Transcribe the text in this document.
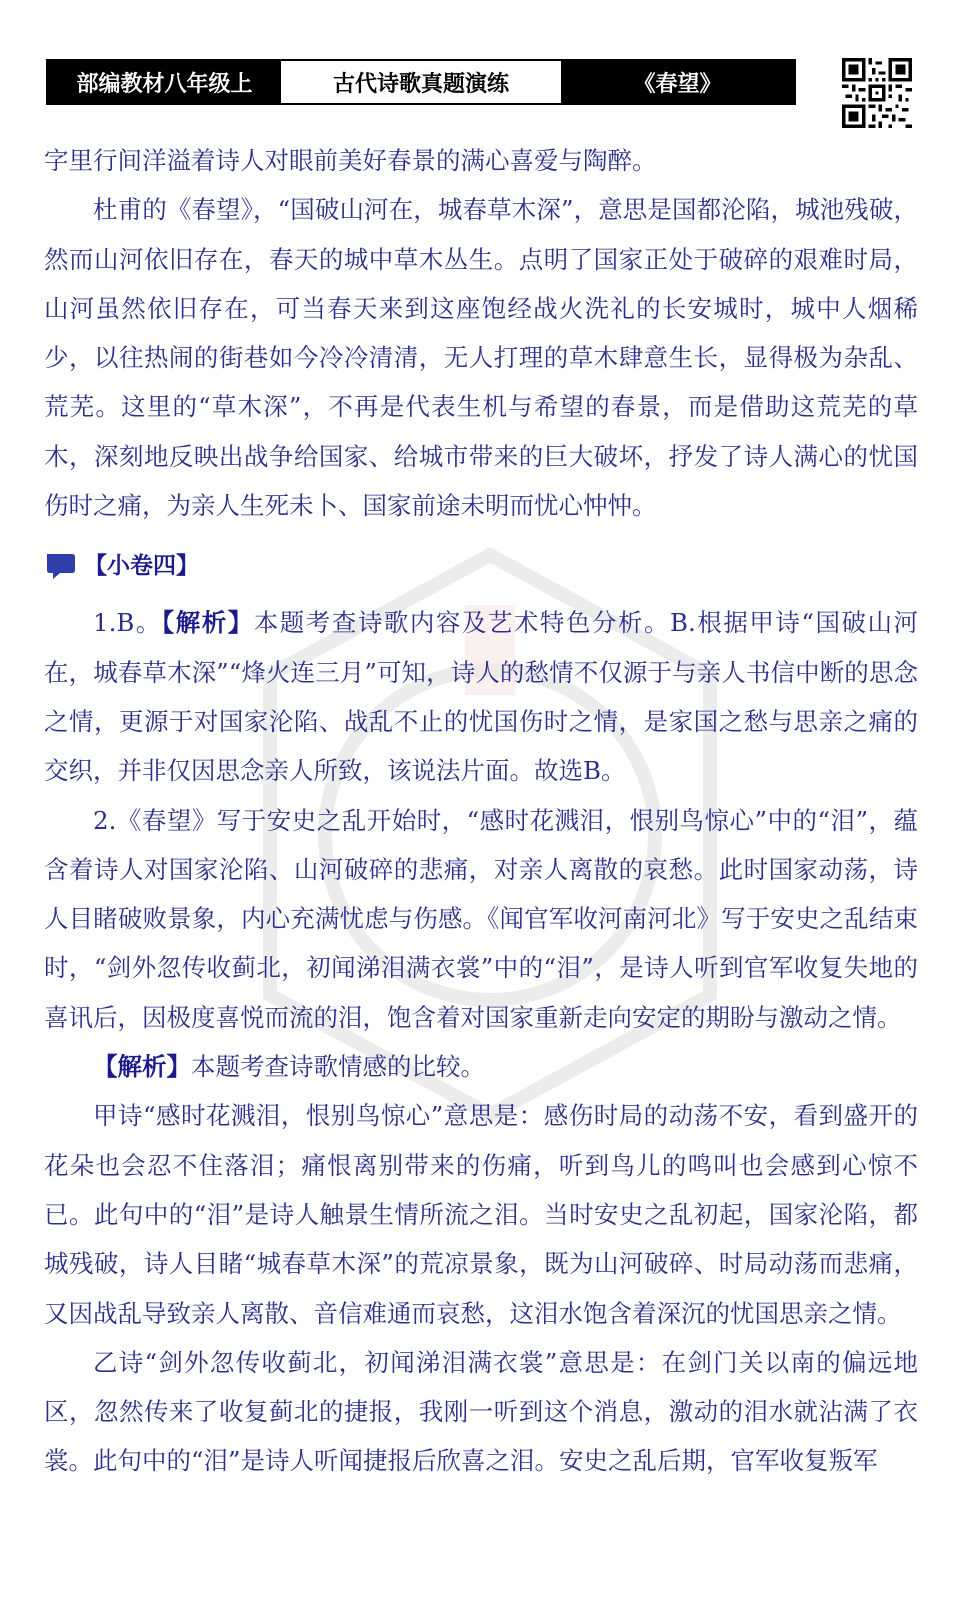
部编教材八年级上	古代诗歌真题演练	《春望》

字里行间洋溢着诗人对眼前美好春景的满心喜爱与陶醉。

杜甫的《春望》，“国破山河在，城春草木深”，意思是国都沦陷，城池残破，然而山河依旧存在，春天的城中草木丛生。点明了国家正处于破碎的艰难时局，山河虽然依旧存在，可当春天来到这座饱经战火洗礼的长安城时，城中人烟稀少，以往热闹的街巷如今冷冷清清，无人打理的草木肆意生长，显得极为杂乱、荒芜。这里的“草木深”，不再是代表生机与希望的春景，而是借助这荒芜的草木，深刻地反映出战争给国家、给城市带来的巨大破坏，抒发了诗人满心的忧国伤时之痛，为亲人生死未卜、国家前途未明而忧心忡忡。

【小卷四】

1.B。【解析】本题考查诗歌内容及艺术特色分析。B.根据甲诗“国破山河在，城春草木深”“烽火连三月”可知，诗人的愁情不仅源于与亲人书信中断的思念之情，更源于对国家沦陷、战乱不止的忧国伤时之情，是家国之愁与思亲之痛的交织，并非仅因思念亲人所致，该说法片面。故选B。

2.《春望》写于安史之乱开始时，“感时花溅泪，恨别鸟惊心”中的“泪”，蕴含着诗人对国家沦陷、山河破碎的悲痛，对亲人离散的哀愁。此时国家动荡，诗人目睹破败景象，内心充满忧虑与伤感。《闻官军收河南河北》写于安史之乱结束时，“剑外忽传收蓟北，初闻涕泪满衣裳”中的“泪”，是诗人听到官军收复失地的喜讯后，因极度喜悦而流的泪，饱含着对国家重新走向安定的期盼与激动之情。

【解析】本题考查诗歌情感的比较。

甲诗“感时花溅泪，恨别鸟惊心”意思是：感伤时局的动荡不安，看到盛开的花朵也会忍不住落泪；痛恨离别带来的伤痛，听到鸟儿的鸣叫也会感到心惊不已。此句中的“泪”是诗人触景生情所流之泪。当时安史之乱初起，国家沦陷，都城残破，诗人目睹“城春草木深”的荒凉景象，既为山河破碎、时局动荡而悲痛，又因战乱导致亲人离散、音信难通而哀愁，这泪水饱含着深沉的忧国思亲之情。

乙诗“剑外忽传收蓟北，初闻涕泪满衣裳”意思是：在剑门关以南的偏远地区，忽然传来了收复蓟北的捷报，我刚一听到这个消息，激动的泪水就沾满了衣裳。此句中的“泪”是诗人听闻捷报后欣喜之泪。安史之乱后期，官军收复叛军
